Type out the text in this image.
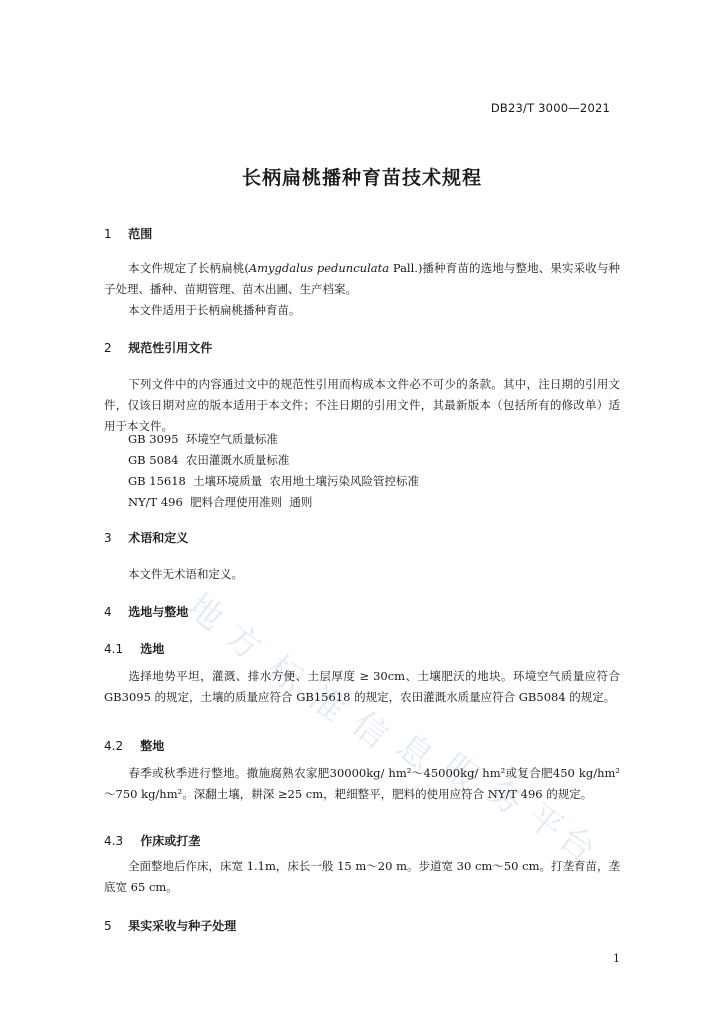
地
方
标
准
信
息
服
务
平
台
DB23/T 3000—2021
长柄扁桃播种育苗技术规程
1 范围
本文件规定了长柄扁桃(Amygdalus pedunculata Pall.)播种育苗的选地与整地、果实采收与种子处理、播种、苗期管理、苗木出圃、生产档案。
本文件适用于长柄扁桃播种育苗。
2 规范性引用文件
下列文件中的内容通过文中的规范性引用而构成本文件必不可少的条款。其中，注日期的引用文件，仅该日期对应的版本适用于本文件；不注日期的引用文件，其最新版本（包括所有的修改单）适用于本文件。
GB 3095  环境空气质量标准
GB 5084  农田灌溉水质量标准
GB 15618  土壤环境质量  农用地土壤污染风险管控标准
NY/T 496  肥料合理使用准则  通则
3 术语和定义
本文件无术语和定义。
4 选地与整地
4.1 选地
选择地势平坦，灌溉、排水方便、土层厚度 ≥ 30cm、土壤肥沃的地块。环境空气质量应符合 GB3095 的规定，土壤的质量应符合 GB15618 的规定，农田灌溉水质量应符合 GB5084 的规定。
4.2 整地
春季或秋季进行整地。撒施腐熟农家肥30000kg/ hm²～45000kg/ hm²或复合肥450 kg/hm²～750 kg/hm²。深翻土壤，耕深 ≥25 cm，耙细整平，肥料的使用应符合 NY/T 496 的规定。
4.3 作床或打垄
全面整地后作床，床宽 1.1m，床长一般 15 m～20 m。步道宽 30 cm～50 cm。打垄育苗，垄底宽 65 cm。
5 果实采收与种子处理
1
